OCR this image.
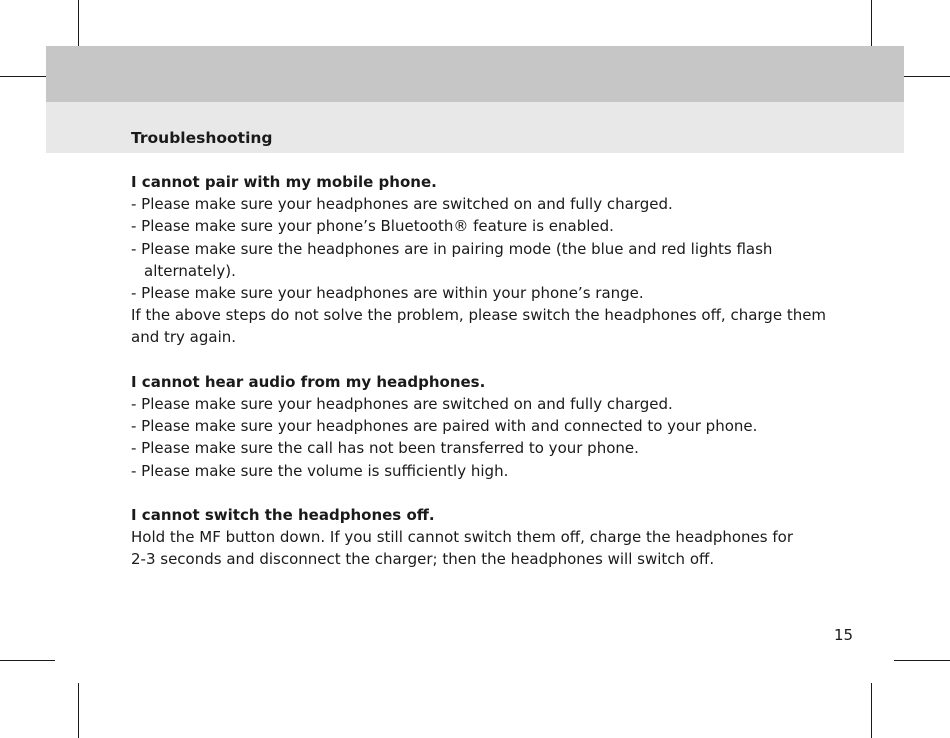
Troubleshooting
I cannot pair with my mobile phone.
- Please make sure your headphones are switched on and fully charged.
- Please make sure your phone’s Bluetooth® feature is enabled.
- Please make sure the headphones are in pairing mode (the blue and red lights flash alternately).
- Please make sure your headphones are within your phone’s range.

If the above steps do not solve the problem, please switch the headphones off, charge them and try again.

I cannot hear audio from my headphones.
- Please make sure your headphones are switched on and fully charged.
- Please make sure your headphones are paired with and connected to your phone.
- Please make sure the call has not been transferred to your phone.
- Please make sure the volume is sufficiently high.
I cannot switch the headphones off.

Hold the MF button down. If you still cannot switch them off, charge the headphones for

2-3 seconds and disconnect the charger; then the headphones will switch off.

15
